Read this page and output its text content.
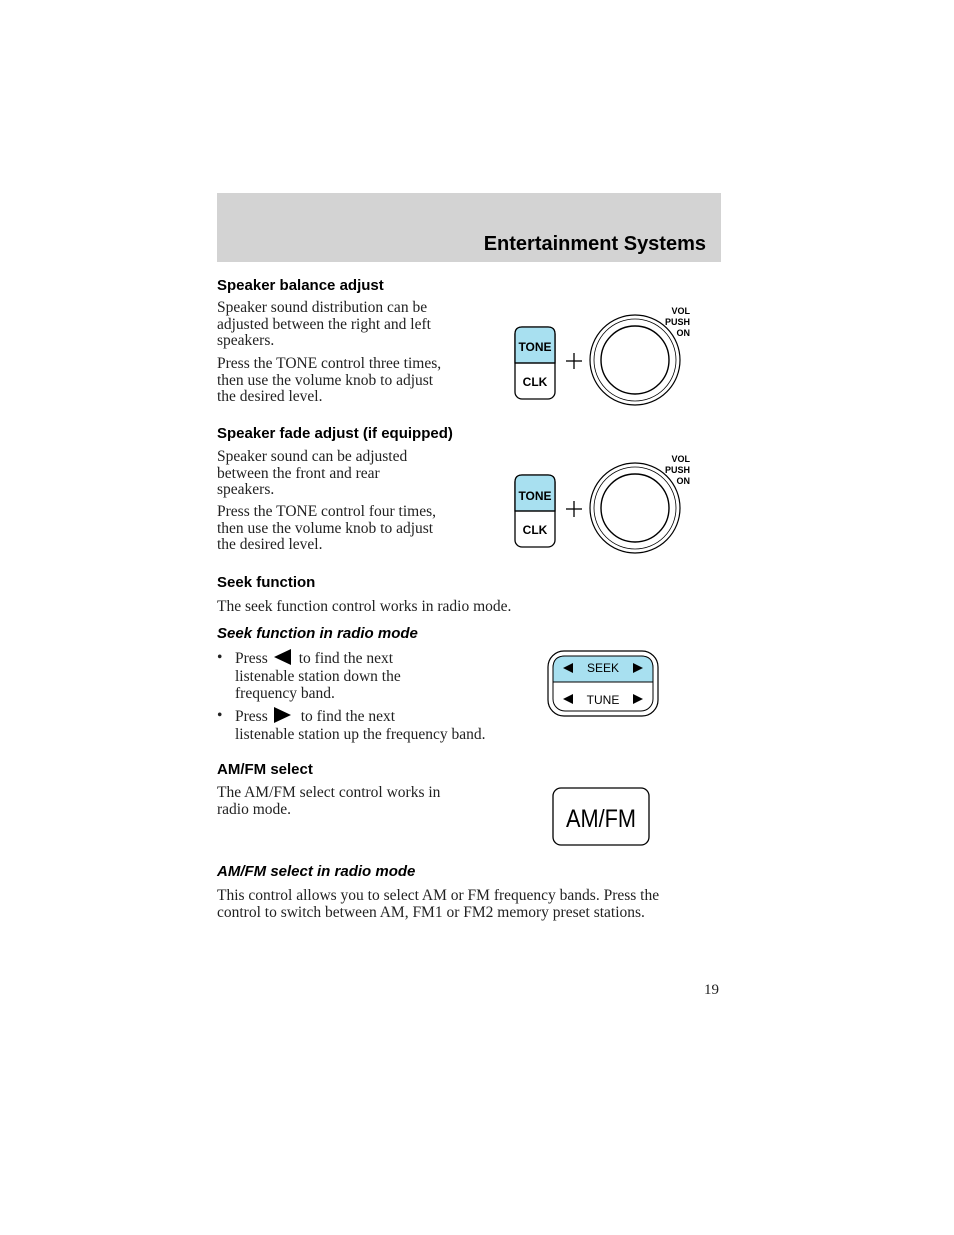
Entertainment Systems
Speaker balance adjust
Speaker sound distribution can be
adjusted between the right and left
speakers.
Press the TONE control three times,
then use the volume knob to adjust
the desired level.
TONE
CLK
VOL
PUSH
ON
Speaker fade adjust (if equipped)
Speaker sound can be adjusted
between the front and rear
speakers.
Press the TONE control four times,
then use the volume knob to adjust
the desired level.
TONE
CLK
VOL
PUSH
ON
Seek function
The seek function control works in radio mode.
Seek function in radio mode
• Press to find the next
listenable station down the
frequency band.
• Press to find the next
listenable station up the frequency band.
SEEK
TUNE
AM/FM select
The AM/FM select control works in
radio mode.	AM/FM
AM/FM select in radio mode
This control allows you to select AM or FM frequency bands. Press the
control to switch between AM, FM1 or FM2 memory preset stations.
19
